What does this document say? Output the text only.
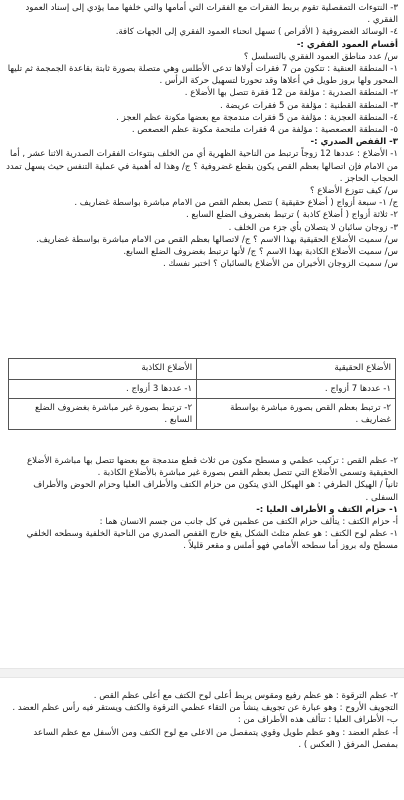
٣- النتوءات التمفصلية تقوم بربط الفقرات مع الفقرات التي أمامها والتي خلفها مما يؤدي إلى إسناد العمود الفقري .
٤- الوسائد الغضروفية ( الأقراص ) تسهل انحناء العمود الفقري إلى الجهات كافة.
أقسام العمود الفقري :-
س/ عدد مناطق العمود الفقري بالتسلسل ؟
١- المنطقة العنقية : تتكون من 7 فقرات أولاها تدعى الأطلس وهي متصلة بصورة ثابتة بقاعدة الجمجمة ثم تليها المحور ولها بروز طويل في أعلاها وقد تحورتا لتسهيل حركة الرأس .
٢- المنطقة الصدرية : مؤلفة من 12 فقرة تتصل بها الأضلاع .
٣- المنطقة القطنية : مؤلفة من 5 فقرات عريضة .
٤- المنطقة العجزية : مؤلفة من 5 فقرات مندمجة مع بعضها مكونة عظم العجز .
٥- المنطقة العصعصية : مؤلفة من 4 فقرات ملتحمة مكونة عظم العصعص .
٣- القفص الصدري :-
١- الأضلاع : عددها 12 زوجاً ترتبط من الناحية الظهرية أي من الخلف بنتوءات الفقرات الصدرية الاثنا عشر , أما من الامام فإن اتصالها بعظم القص يكون بقطع غضروفية ؟ ج/ وهذا له أهمية في عملية التنفس حيث يسهل تمدد الحجاب الحاجز .
س/ كيف تتوزع الأضلاع ؟
ج/ ١- سبعة أزواج ( أضلاع حقيقية ) تتصل بعظم القص من الامام مباشرة بواسطة غضاريف .
٢- ثلاثة أزواج ( أضلاع كاذبة ) ترتبط بغضروف الضلع السابع .
٣- زوجان سائبان لا يتصلان بأي جزء من الخلف .
س/ سميت الأضلاع الحقيقية بهذا الاسم ؟ ج/ لاتصالها بعظم القص من الامام مباشرة بواسطة غضاريف.
س/ سميت الأضلاع الكاذبة بهذا الاسم ؟ ج/ لأنها ترتبط بغضروف الضلع السابع.
س/ سميت الزوجان الأخيران من الأضلاع بالسائبان ؟ اختبر نفسك .
الأضلاع الحقيقية	الأضلاع الكاذبة
١- عددها 7 أزواج .	١- عددها 3 أزواج .
٢- ترتبط بعظم القص بصورة مباشرة بواسطة غضاريف .	٢- ترتبط بصورة غير مباشرة بغضروف الضلع السابع .
٢- عظم القص : تركيب عظمي و مسطح مكون من ثلاث قطع مندمجة مع بعضها تتصل بها مباشرة الأضلاع الحقيقية وتسمى الأضلاع التي تتصل بعظم القص بصورة غير مباشرة بالأضلاع الكاذبة .
ثانياً / الهيكل الطرفي : هو الهيكل الذي يتكون من حزام الكتف والأطراف العليا وحزام الحوض والأطراف السفلى .
١- حزام الكتف و الأطراف العليا :-
أ- حزام الكتف : يتألف حزام الكتف من عظمين في كل جانب من جسم الانسان هما :
١- عظم لوح الكتف : هو عظم مثلث الشكل يقع خارج القفص الصدري من الناحية الخلفية وسطحه الخلفي مسطح وله بروز أما سطحه الأمامي فهو أملس و مقعر قليلاً .
٢- عظم الترقوة : هو عظم رفيع ومقوس يربط أعلى لوح الكتف مع أعلى عظم القص .
التجويف الأروح : وهو عبارة عن تجويف ينشأ من التقاء عظمي الترقوة والكتف ويستقر فيه رأس عظم العضد .
ب- الأطراف العليا : تتألف هذه الأطراف من :
أ- عظم العضد : وهو عظم طويل وقوي يتمفصل من الاعلى مع لوح الكتف ومن الأسفل مع عظم الساعد بمفصل المرفق ( العكس ) .
